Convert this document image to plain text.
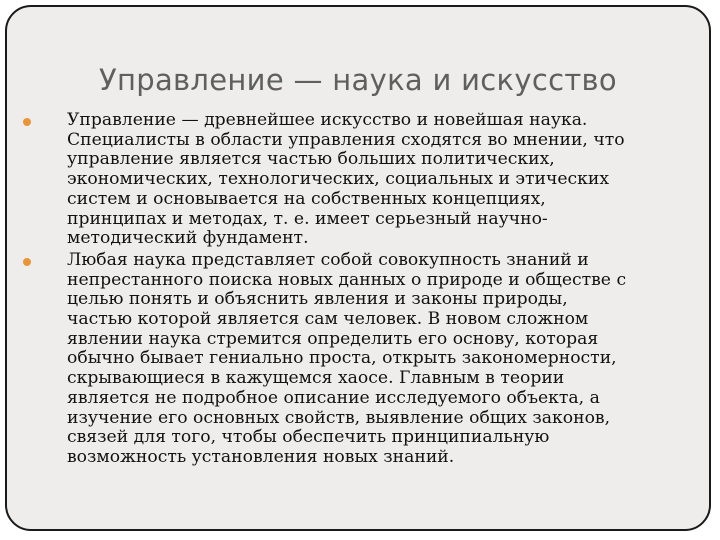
Управление — наука и искусство
Управление — древнейшее искусство и новейшая наука.
Специалисты в области управления сходятся во мнении, что
управление является частью больших политических,
экономических, технологических, социальных и этических
систем и основывается на собственных концепциях,
принципах и методах, т. е. имеет серьезный научно-
методический фундамент.
Любая наука представляет собой совокупность знаний и
непрестанного поиска новых данных о природе и обществе с
целью понять и объяснить явления и законы природы,
частью которой является сам человек. В новом сложном
явлении наука стремится определить его основу, которая
обычно бывает гениально проста, открыть закономерности,
скрывающиеся в кажущемся хаосе. Главным в теории
является не подробное описание исследуемого объекта, а
изучение его основных свойств, выявление общих законов,
связей для того, чтобы обеспечить принципиальную
возможность установления новых знаний.
